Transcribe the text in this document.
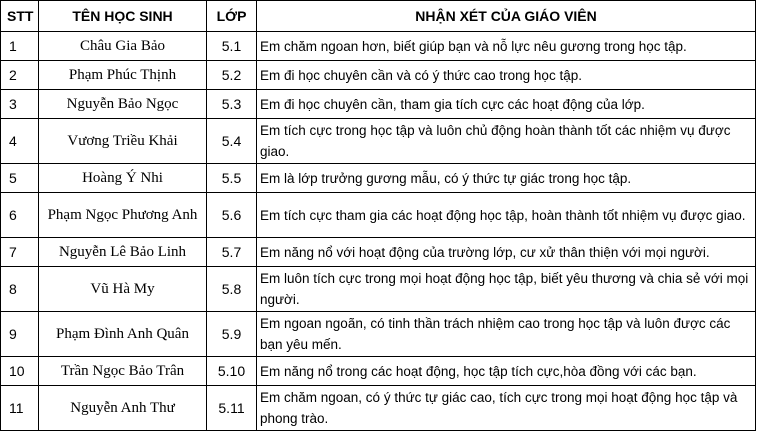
STT	TÊN HỌC SINH	LỚP	NHẬN XÉT CỦA GIÁO VIÊN
1	Châu Gia Bảo	5.1	Em chăm ngoan hơn, biết giúp bạn và nỗ lực nêu gương trong học tập.
2	Phạm Phúc Thịnh	5.2	Em đi học chuyên cần và có ý thức cao trong học tập.
3	Nguyễn Bảo Ngọc	5.3	Em đi học chuyên cần, tham gia tích cực các hoạt động của lớp.
4	Vương Triều Khải	5.4	Em tích cực trong học tập và luôn chủ động hoàn thành tốt các nhiệm vụ được giao.
5	Hoàng Ý Nhi	5.5	Em là lớp trưởng gương mẫu, có ý thức tự giác trong học tập.
6	Phạm Ngọc Phương Anh	5.6	Em tích cực tham gia các hoạt động học tập, hoàn thành tốt nhiệm vụ được giao.
7	Nguyễn Lê Bảo Linh	5.7	Em năng nổ với hoạt động của trường lớp, cư xử thân thiện với mọi người.
8	Vũ Hà My	5.8	Em luôn tích cực trong mọi hoạt động học tập, biết yêu thương và chia sẻ với mọi người.
9	Phạm Đình Anh Quân	5.9	Em ngoan ngoãn, có tinh thần trách nhiệm cao trong học tập và luôn được các bạn yêu mến.
10	Trần Ngọc Bảo Trân	5.10	Em năng nổ trong các hoạt động, học tập tích cực,hòa đồng với các bạn.
11	Nguyễn Anh Thư	5.11	Em chăm ngoan, có ý thức tự giác cao, tích cực trong mọi hoạt động học tập và phong trào.
